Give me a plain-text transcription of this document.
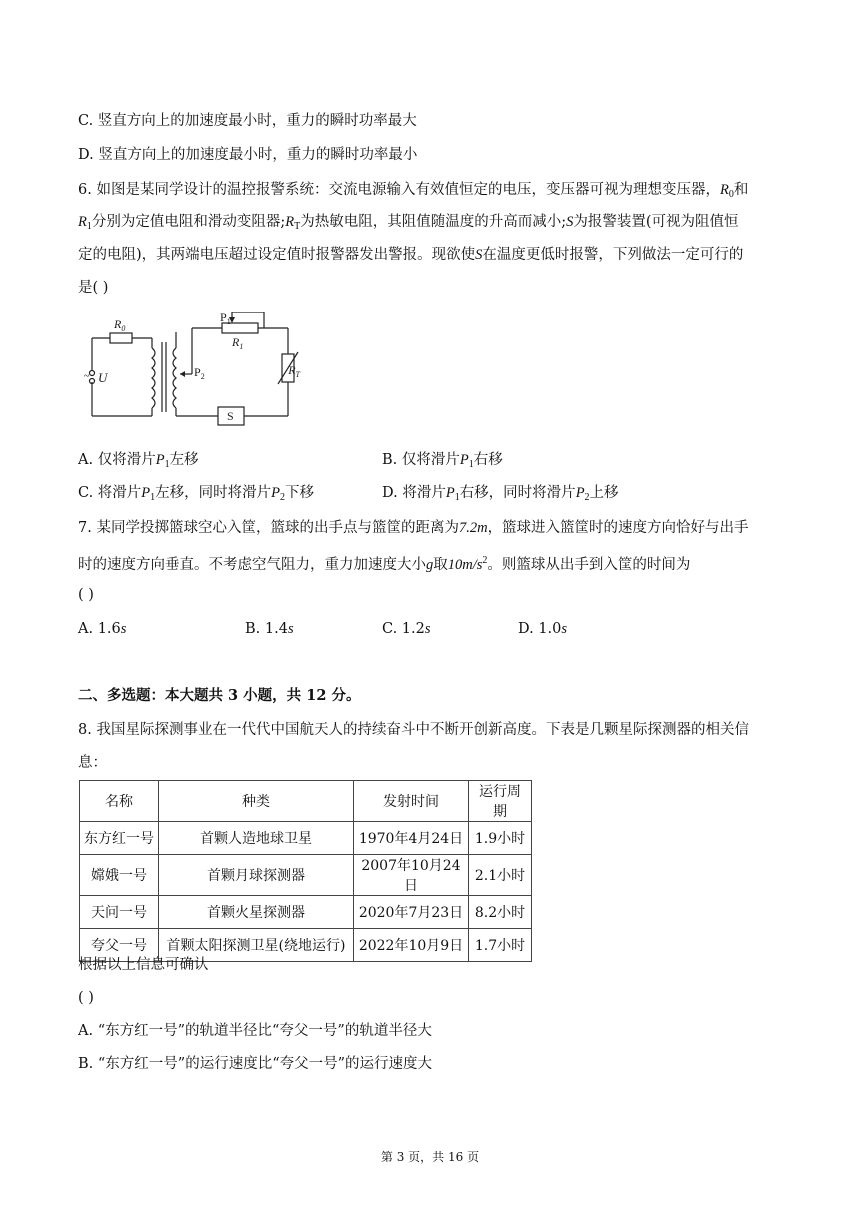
C. 竖直方向上的加速度最小时，重力的瞬时功率最大
D. 竖直方向上的加速度最小时，重力的瞬时功率最小
6. 如图是某同学设计的温控报警系统：交流电源输入有效值恒定的电压，变压器可视为理想变压器，$R_0$和
$R_1$分别为定值电阻和滑动变阻器$;R_T$为热敏电阻，其阻值随温度的升高而减小;S为报警装置(可视为阻值恒
定的电阻)，其两端电压超过设定值时报警器发出警报。现欲使S在温度更低时报警，下列做法一定可行的
是( )
$R_0$
$P_1$
$R_1$
$P_2$	$R_T$
U
~
S
A. 仅将滑片$P_1$左移	B. 仅将滑片$P_1$右移
C. 将滑片$P_1$左移，同时将滑片$P_2$下移	D. 将滑片$P_1$右移，同时将滑片$P_2$上移
7. 某同学投掷篮球空心入筐，篮球的出手点与篮筐的距离为7.2m，篮球进入篮筐时的速度方向恰好与出手
时的速度方向垂直。不考虑空气阻力，重力加速度大小g取$10m/s^2$。则篮球从出手到入筐的时间为
( )
A. 1.6s	B. 1.4s	C. 1.2s	D. 1.0s
二、多选题：本大题共 3 小题，共 12 分。
8. 我国星际探测事业在一代代中国航天人的持续奋斗中不断开创新高度。下表是几颗星际探测器的相关信
息：
名称	种类	发射时间	运行周期
东方红一号	首颗人造地球卫星	1970年4月24日	1.9小时
嫦娥一号	首颗月球探测器	2007年10月24日	2.1小时
天问一号	首颗火星探测器	2020年7月23日	8.2小时
夸父一号	首颗太阳探测卫星(绕地运行)	2022年10月9日	1.7小时
根据以上信息可确认
( )
A. “东方红一号”的轨道半径比“夸父一号”的轨道半径大
B. “东方红一号”的运行速度比“夸父一号”的运行速度大
第 3 页，共 16 页
